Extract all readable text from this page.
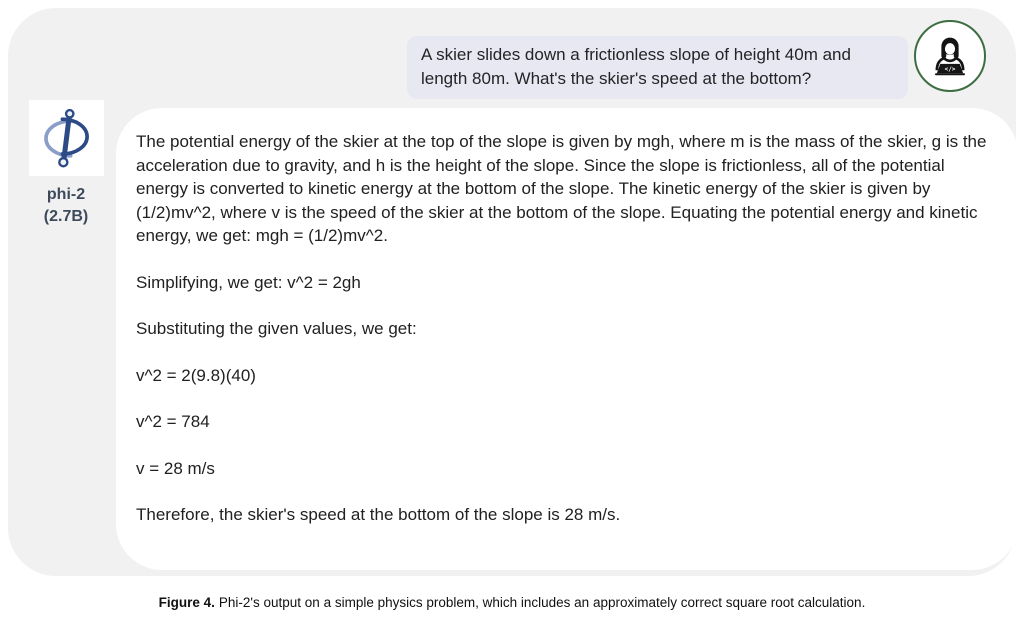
A skier slides down a frictionless slope of height 40m and length 80m. What's the skier's speed at the bottom?	</>
phi-2
(2.7B)

The potential energy of the skier at the top of the slope is given by mgh, where m is the mass of the skier, g is the acceleration due to gravity, and h is the height of the slope. Since the slope is frictionless, all of the potential energy is converted to kinetic energy at the bottom of the slope. The kinetic energy of the skier is given by (1/2)mv^2, where v is the speed of the skier at the bottom of the slope. Equating the potential energy and kinetic energy, we get: mgh = (1/2)mv^2.

Simplifying, we get: v^2 = 2gh

Substituting the given values, we get:

v^2 = 2(9.8)(40)

v^2 = 784

v = 28 m/s

Therefore, the skier's speed at the bottom of the slope is 28 m/s.

Figure 4. Phi-2's output on a simple physics problem, which includes an approximately correct square root calculation.
